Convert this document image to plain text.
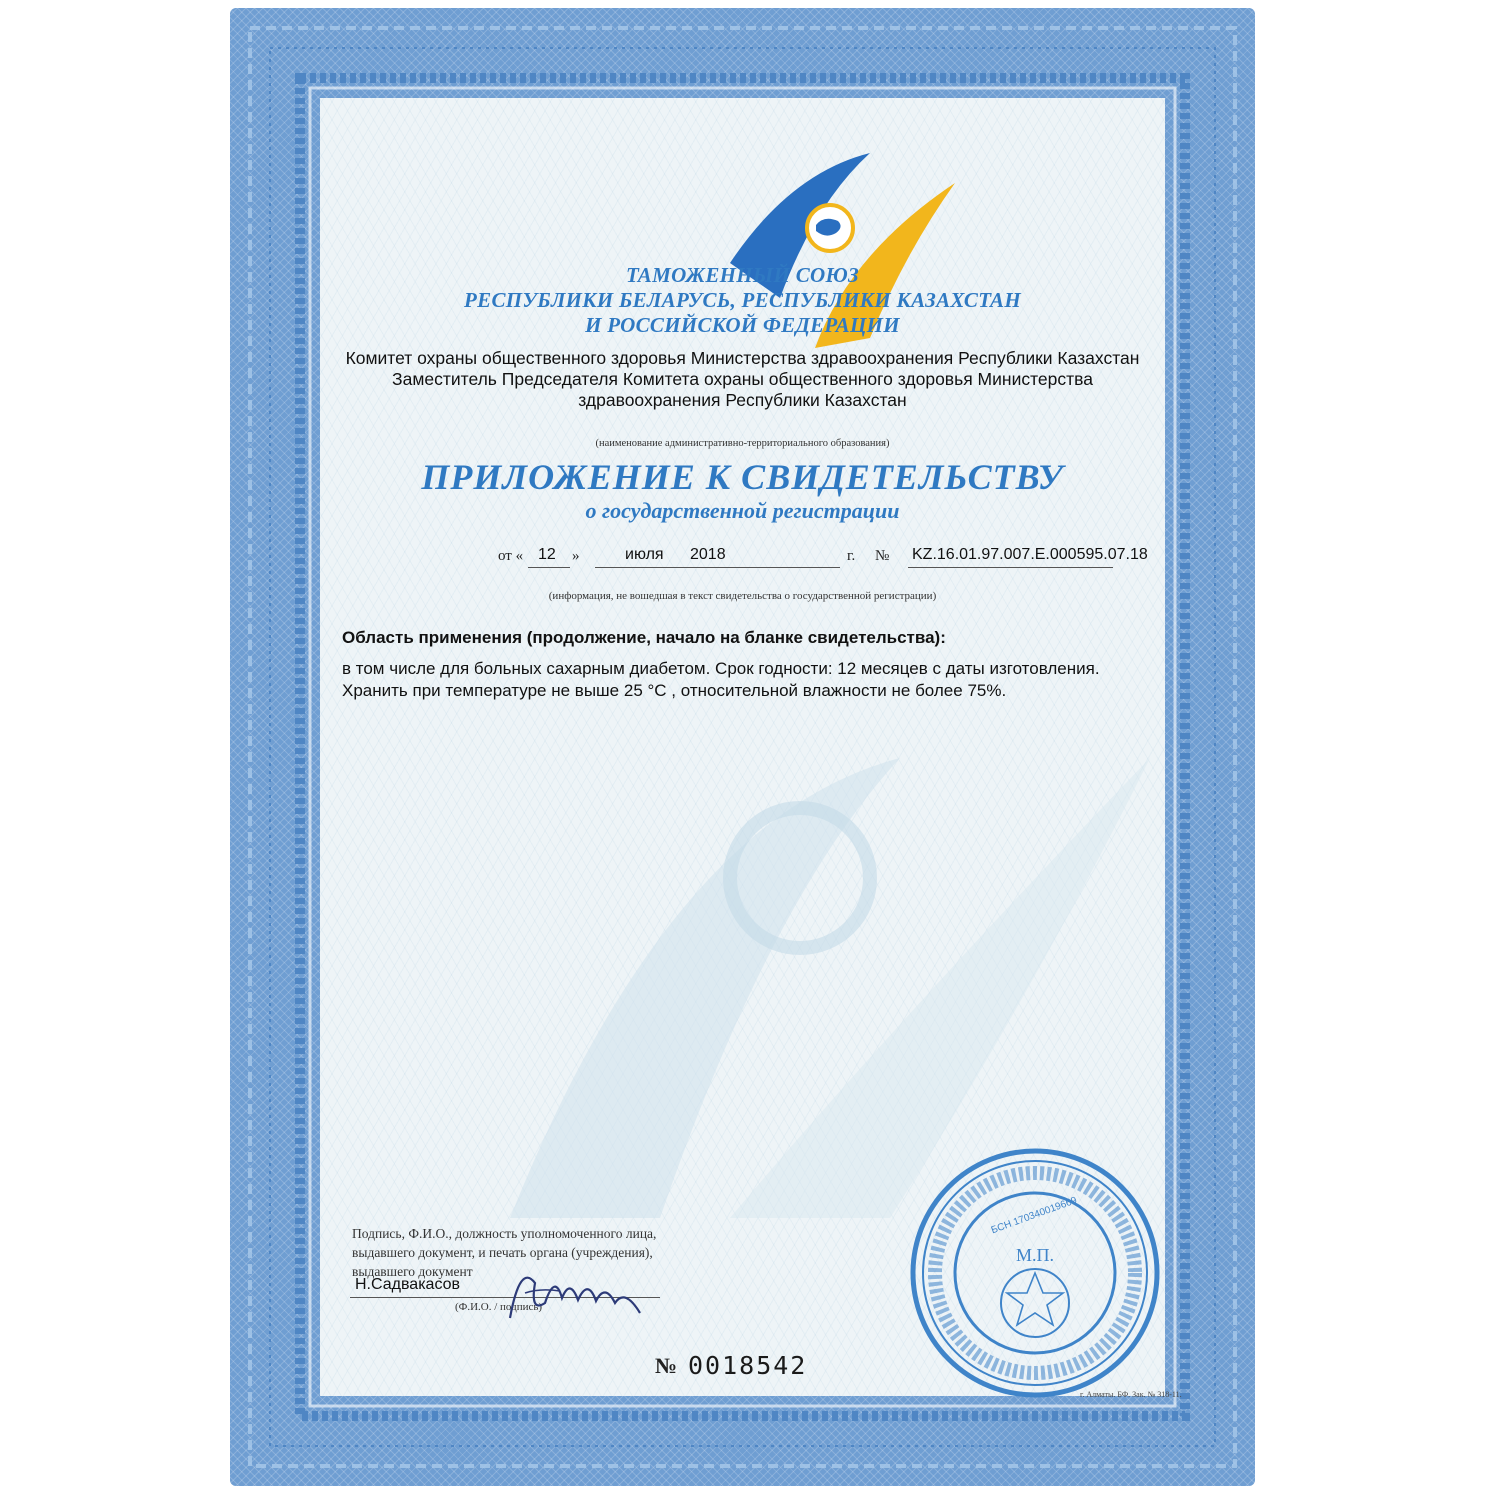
ТАМОЖЕННЫЙ СОЮЗ
РЕСПУБЛИКИ БЕЛАРУСЬ, РЕСПУБЛИКИ КАЗАХСТАН
И РОССИЙСКОЙ ФЕДЕРАЦИИ
Комитет охраны общественного здоровья Министерства здравоохранения Республики Казахстан
Заместитель Председателя Комитета охраны общественного здоровья Министерства
здравоохранения Республики Казахстан
(наименование административно-территориального образования)
ПРИЛОЖЕНИЕ К СВИДЕТЕЛЬСТВУ
о государственной регистрации
от « 12 »	июля 2018	г. № KZ.16.01.97.007.Е.000595.07.18
(информация, не вошедшая в текст свидетельства о государственной регистрации)
Область применения (продолжение, начало на бланке свидетельства):
в том числе для больных сахарным диабетом. Срок годности: 12 месяцев с даты изготовления.
Хранить при температуре не выше 25 °С , относительной влажности не более 75%.
Подпись, Ф.И.О., должность уполномоченного лица,
выдавшего документ, и печать органа (учреждения),
выдавшего документ
Н.Садвакасов
(Ф.И.О. / подпись)
№ 0018542
М.П.
БСН 170340019669
г. Алматы. БФ. Зак. № 318-11.
